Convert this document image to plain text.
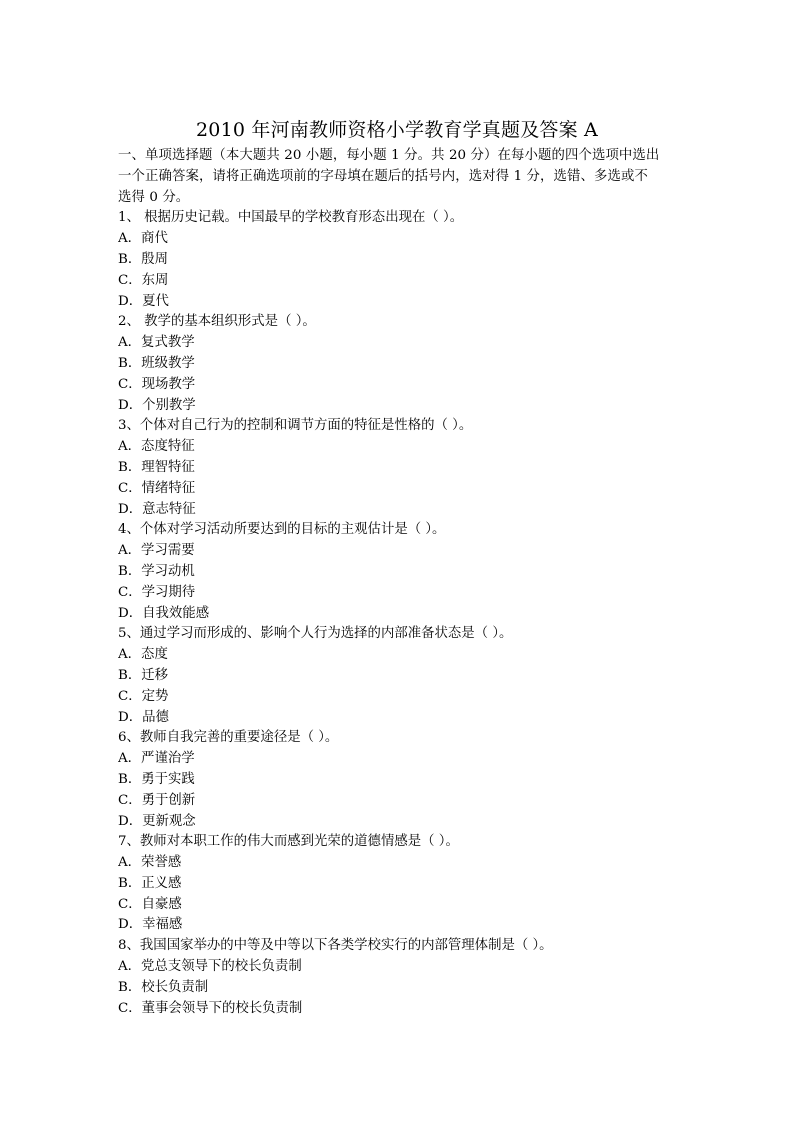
2010 年河南教师资格小学教育学真题及答案 A
一、单项选择题（本大题共 20 小题，每小题 1 分。共 20 分）在每小题的四个选项中选出
一个正确答案，请将正确选项前的字母填在题后的括号内，选对得 1 分，选错、多选或不
选得 0 分。
1、 根据历史记载。中国最早的学校教育形态出现在（ ）。
A．商代
B．殷周
C．东周
D．夏代
2、 教学的基本组织形式是（ ）。
A．复式教学
B．班级教学
C．现场教学
D．个别教学
3、个体对自己行为的控制和调节方面的特征是性格的（ ）。
A．态度特征
B．理智特征
C．情绪特征
D．意志特征
4、个体对学习活动所要达到的目标的主观估计是（ ）。
A．学习需要
B．学习动机
C．学习期待
D．自我效能感
5、通过学习而形成的、影响个人行为选择的内部准备状态是（ ）。
A．态度
B．迁移
C．定势
D．品德
6、教师自我完善的重要途径是（ ）。
A．严谨治学
B．勇于实践
C．勇于创新
D．更新观念
7、教师对本职工作的伟大而感到光荣的道德情感是（ ）。
A．荣誉感
B．正义感
C．自豪感
D．幸福感
8、我国国家举办的中等及中等以下各类学校实行的内部管理体制是（ ）。
A．党总支领导下的校长负责制
B．校长负责制
C．董事会领导下的校长负责制
